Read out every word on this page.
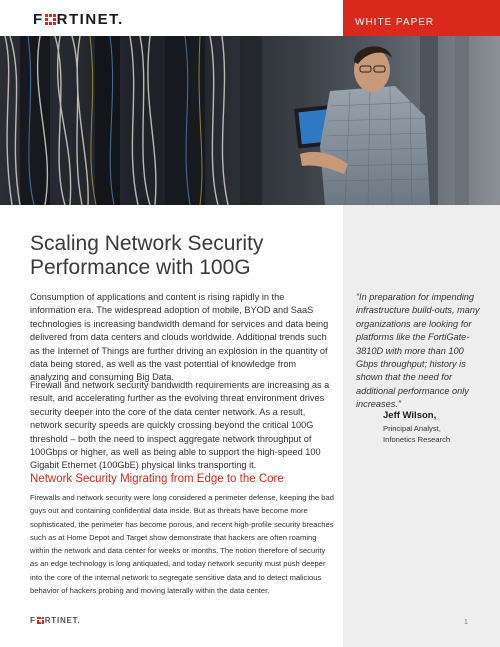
F RTINET.	WHITE PAPER
Scaling Network Security
Performance with 100G

Consumption of applications and content is rising rapidly in the information era. The widespread adoption of mobile, BYOD and SaaS technologies is increasing bandwidth demand for services and data being delivered from data centers and clouds worldwide. Additional trends such as the Internet of Things are further driving an explosion in the quantity of data being stored, as well as the vast potential of knowledge from analyzing and consuming Big Data.

Firewall and network security bandwidth requirements are increasing as a result, and accelerating further as the evolving threat environment drives security deeper into the core of the data center network. As a result, network security speeds are quickly crossing beyond the critical 100G threshold – both the need to inspect aggregate network throughput of 100Gbps or higher, as well as being able to support the high-speed 100 Gigabit Ethernet (100GbE) physical links transporting it.

Network Security Migrating from Edge to the Core

Firewalls and network security were long considered a perimeter defense, keeping the bad guys out and containing confidential data inside. But as threats have become more sophisticated, the perimeter has become porous, and recent high-profile security breaches such as at Home Depot and Target show demonstrate that hackers are often roaming within the network and data center for weeks or months. The notion therefore of security as an edge technology is long antiquated, and today network security must push deeper into the core of the internal network to segregate sensitive data and to detect malicious behavior of hackers probing and moving laterally within the data center.

“In preparation for impending infrastructure build-outs, many organizations are looking for platforms like the FortiGate-3810D with more than 100 Gbps throughput; history is shown that the need for additional performance only increases.”

Jeff Wilson,
Principal Analyst,
Infonetics Research
F RTINET.	1
